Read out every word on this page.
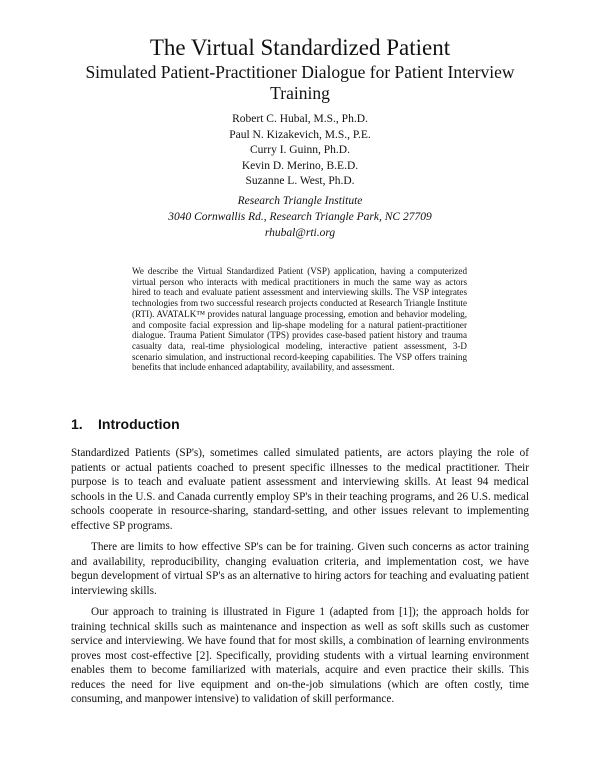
The Virtual Standardized Patient
Simulated Patient-Practitioner Dialogue for Patient Interview Training
Robert C. Hubal, M.S., Ph.D.
Paul N. Kizakevich, M.S., P.E.
Curry I. Guinn, Ph.D.
Kevin D. Merino, B.E.D.
Suzanne L. West, Ph.D.
Research Triangle Institute
3040 Cornwallis Rd., Research Triangle Park, NC 27709
rhubal@rti.org
We describe the Virtual Standardized Patient (VSP) application, having a computerized virtual person who interacts with medical practitioners in much the same way as actors hired to teach and evaluate patient assessment and interviewing skills. The VSP integrates technologies from two successful research projects conducted at Research Triangle Institute (RTI). AVATALK™ provides natural language processing, emotion and behavior modeling, and composite facial expression and lip-shape modeling for a natural patient-practitioner dialogue. Trauma Patient Simulator (TPS) provides case-based patient history and trauma casualty data, real-time physiological modeling, interactive patient assessment, 3-D scenario simulation, and instructional record-keeping capabilities. The VSP offers training benefits that include enhanced adaptability, availability, and assessment.
1. Introduction
Standardized Patients (SP's), sometimes called simulated patients, are actors playing the role of patients or actual patients coached to present specific illnesses to the medical practitioner. Their purpose is to teach and evaluate patient assessment and interviewing skills. At least 94 medical schools in the U.S. and Canada currently employ SP's in their teaching programs, and 26 U.S. medical schools cooperate in resource-sharing, standard-setting, and other issues relevant to implementing effective SP programs.
There are limits to how effective SP's can be for training. Given such concerns as actor training and availability, reproducibility, changing evaluation criteria, and implementation cost, we have begun development of virtual SP's as an alternative to hiring actors for teaching and evaluating patient interviewing skills.
Our approach to training is illustrated in Figure 1 (adapted from [1]); the approach holds for training technical skills such as maintenance and inspection as well as soft skills such as customer service and interviewing. We have found that for most skills, a combination of learning environments proves most cost-effective [2]. Specifically, providing students with a virtual learning environment enables them to become familiarized with materials, acquire and even practice their skills. This reduces the need for live equipment and on-the-job simulations (which are often costly, time consuming, and manpower intensive) to validation of skill performance.
